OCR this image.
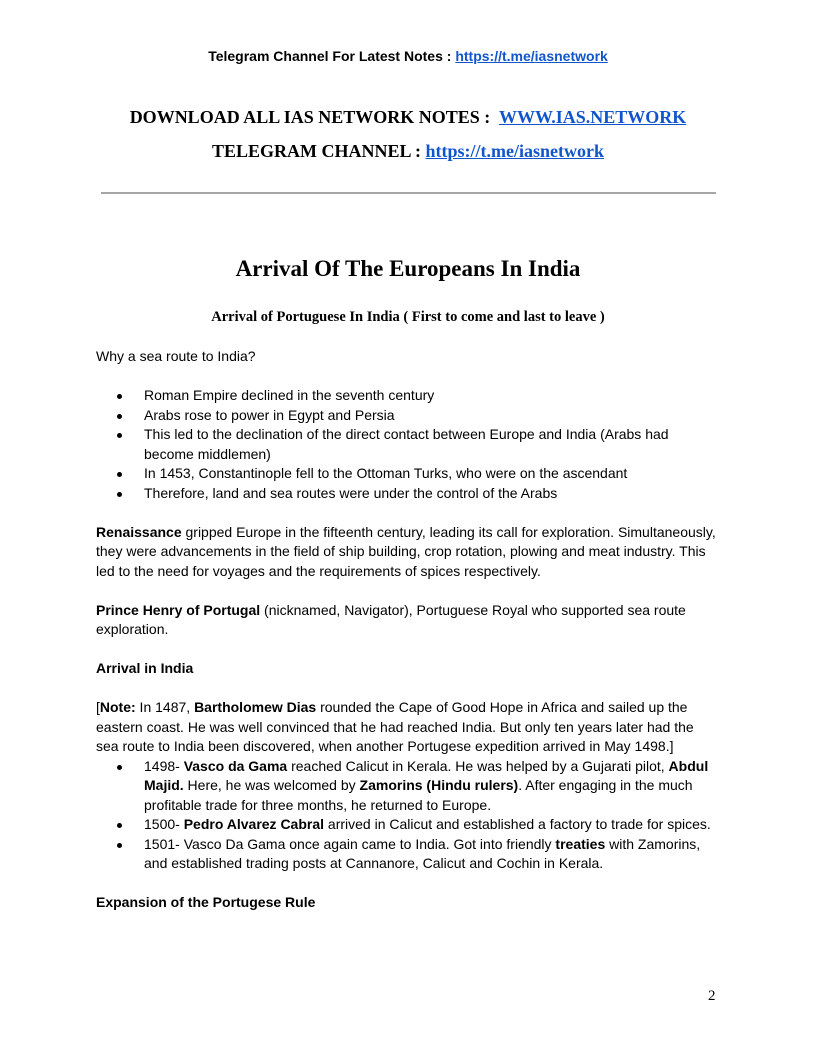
Telegram Channel For Latest Notes : https://t.me/iasnetwork
DOWNLOAD ALL IAS NETWORK NOTES :  WWW.IAS.NETWORK
TELEGRAM CHANNEL : https://t.me/iasnetwork
Arrival Of The Europeans In India
Arrival of Portuguese In India ( First to come and last to leave )

Why a sea route to India?

Roman Empire declined in the seventh century
Arabs rose to power in Egypt and Persia
This led to the declination of the direct contact between Europe and India (Arabs had become middlemen)
In 1453, Constantinople fell to the Ottoman Turks, who were on the ascendant
Therefore, land and sea routes were under the control of the Arabs

Renaissance gripped Europe in the fifteenth century, leading its call for exploration. Simultaneously, they were advancements in the field of ship building, crop rotation, plowing and meat industry. This led to the need for voyages and the requirements of spices respectively.

Prince Henry of Portugal (nicknamed, Navigator), Portuguese Royal who supported sea route exploration.

Arrival in India

[Note: In 1487, Bartholomew Dias rounded the Cape of Good Hope in Africa and sailed up the eastern coast. He was well convinced that he had reached India. But only ten years later had the sea route to India been discovered, when another Portugese expedition arrived in May 1498.]

1498- Vasco da Gama reached Calicut in Kerala. He was helped by a Gujarati pilot, Abdul Majid. Here, he was welcomed by Zamorins (Hindu rulers). After engaging in the much profitable trade for three months, he returned to Europe.
1500- Pedro Alvarez Cabral arrived in Calicut and established a factory to trade for spices.
1501- Vasco Da Gama once again came to India. Got into friendly treaties with Zamorins, and established trading posts at Cannanore, Calicut and Cochin in Kerala.

Expansion of the Portugese Rule

2
